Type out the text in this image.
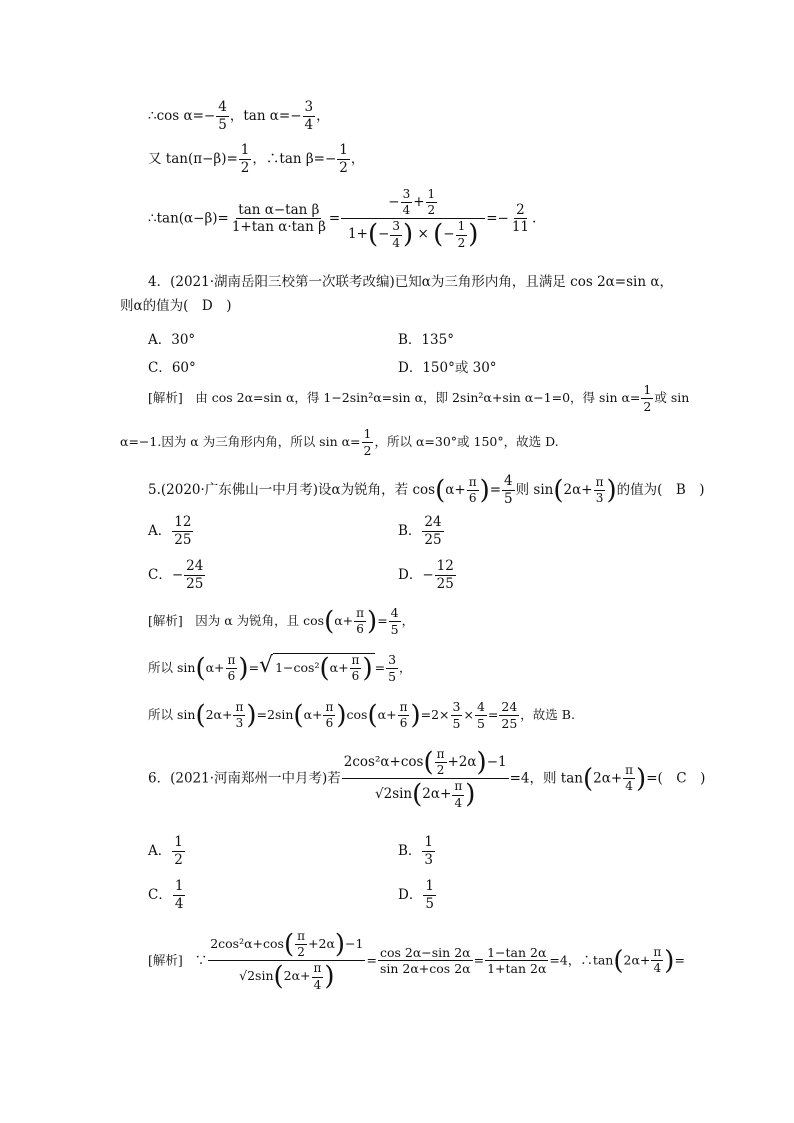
∴cos $\alpha=- \frac{4}{5}$ ，$\tan \alpha=- \frac{3}{4}$ ，
又 $\tan(\pi-\beta)= \frac{1}{2}$ ，∴tan $\beta=- \frac{1}{2}$ ，
∴tan(α−β)= $\frac{\text{tan α−tan β}}{\text{1+tan α·tan β}} = \frac{- \frac{3}{4} + \frac{1}{2}}{1+(- \frac{3}{4} ) \times (- \frac{1}{2} )} =- \frac{2}{11}$ .
4．(2021·湖南岳阳三校第一次联考改编)已知α为三角形内角，且满足 cos 2α=sin α，
则α的值为(　D　)
A．30°	B．135°
C．60°	D．150°或 30°
[解析]　由 cos 2α=sin α，得 1−2sin²α=sin α，即 2sin²α+sin α−1=0，得 $\sin \alpha= \frac{1}{2}$ 或 sin
α=−1.因为 α 为三角形内角，所以 $\sin \alpha= \frac{1}{2}$ ，所以 α=30°或 150°，故选 D.
5.(2020·广东佛山一中月考)设α为锐角，若 $\cos(\alpha+ \frac{\pi}{6}$ )= $\frac{4}{5}$ 则 $\sin(2\alpha+ \frac{\pi}{3}$ )的值为(　B　)
A． $\frac{12}{25}$	B． $\frac{24}{25}$
C．− $\frac{24}{25}$	D．− $\frac{12}{25}$
[解析]　因为 α 为锐角，且 $\cos(\alpha+ \frac{\pi}{6}$ )= $\frac{4}{5}$ ，
所以 $\sin(\alpha+ \frac{\pi}{6}$ )=√ $1-\cos^2(\alpha+ \frac{\pi}{6}$ ) = $\frac{3}{5}$ ，
所以 $\sin(2\alpha+ \frac{\pi}{3} )=2\sin(\alpha+ \frac{\pi}{6} )\cos(\alpha+ \frac{\pi}{6} )=2\times \frac{3}{5} \times \frac{4}{5} = \frac{24}{25}$ ，故选 B.
6．(2021·河南郑州一中月考)若 $\frac{2\cos^2\alpha+\cos( \frac{\pi}{2} +2\alpha)-1}{√2\sin(2\alpha+ \frac{\pi}{4} )} =4$，则 $\tan(2\alpha+ \frac{\pi}{4}$ )=(　C　)
A． $\frac{1}{2}$	B． $\frac{1}{3}$
C． $\frac{1}{4}$	D． $\frac{1}{5}$
[解析] ∵ $\frac{2\cos^2\alpha+\cos( \frac{\pi}{2} +2\alpha)-1}{√2\sin(2\alpha+ \frac{\pi}{4} )} = \frac{\cos 2\alpha-\sin 2\alpha}{\sin 2\alpha+\cos 2\alpha} = \frac{1-\tan 2\alpha}{1+\tan 2\alpha} =4$，∴tan(2α+ $\frac{\pi}{4}$ )=
